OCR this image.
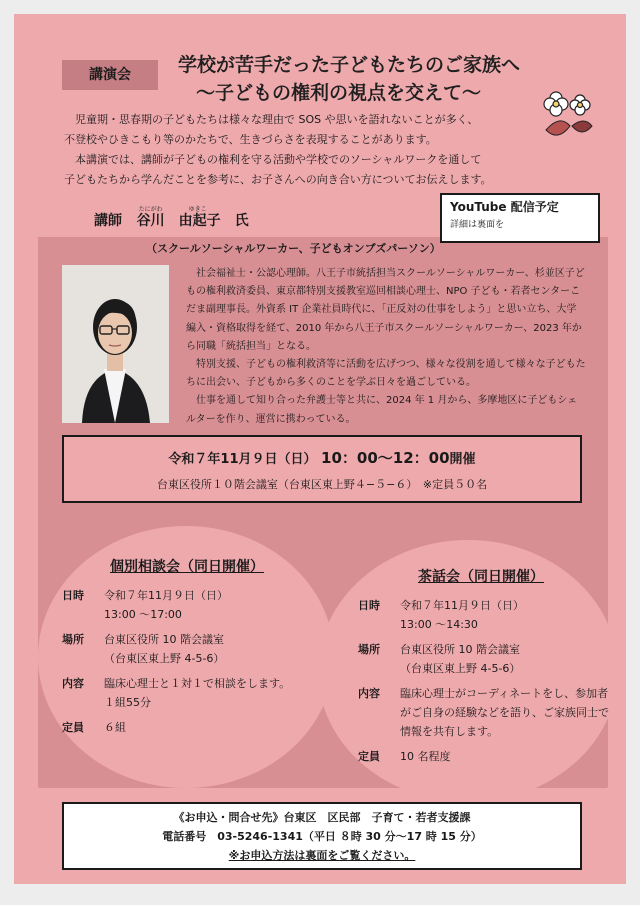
講演会	学校が苦手だった子どもたちのご家族へ
〜子どもの権利の視点を交えて〜

児童期・思春期の子どもたちは様々な理由で SOS や思いを語れないことが多く、

不登校やひきこもり等のかたちで、生きづらさを表現することがあります。

本講演では、講師が子どもの権利を守る活動や学校でのソーシャルワークを通して

子どもたちから学んだことを参考に、お子さんへの向き合い方についてお伝えします。

YouTube 配信予定
詳細は裏面を
講師
たにがわ	ゆきこ
谷川　由起子　氏
（スクールソーシャルワーカー、子どもオンブズパーソン）

社会福祉士・公認心理師。八王子市統括担当スクールソーシャルワーカー、杉並区子どもの権利救済委員、東京都特別支援教室巡回相談心理士、NPO 子ども・若者センターこだま副理事長。外資系 IT 企業社員時代に、「正反対の仕事をしよう」と思い立ち、大学編入・資格取得を経て、2010 年から八王子市スクールソーシャルワーカー、2023 年から同職「統括担当」となる。

特別支援、子どもの権利救済等に活動を広げつつ、様々な役割を通して様々な子どもたちに出会い、子どもから多くのことを学ぶ日々を過ごしている。

仕事を通して知り合った弁護士等と共に、2024 年 1 月から、多摩地区に子どもシェルターを作り、運営に携わっている。

令和７年11月９日（日） 10：00〜12：00開催
台東区役所１０階会議室（台東区東上野４−５−６）　※定員５０名
個別相談会（同日開催）
日時	令和７年11月９日（日）
13:00 〜17:00
場所	台東区役所 10 階会議室
（台東区東上野 4-5-6）
内容	臨床心理士と１対１で相談をします。
１組55分
定員	６組
茶話会（同日開催）
日時	令和７年11月９日（日）
13:00 〜14:30
場所	台東区役所 10 階会議室
（台東区東上野 4-5-6）
内容	臨床心理士がコーディネートをし、参加者がご自身の経験などを語り、ご家族同士で情報を共有します。
定員	10 名程度
《お申込・問合せ先》台東区　区民部　子育て・若者支援課
電話番号　03-5246-1341（平日 ８時 30 分〜17 時 15 分）
※お申込方法は裏面をご覧ください。
